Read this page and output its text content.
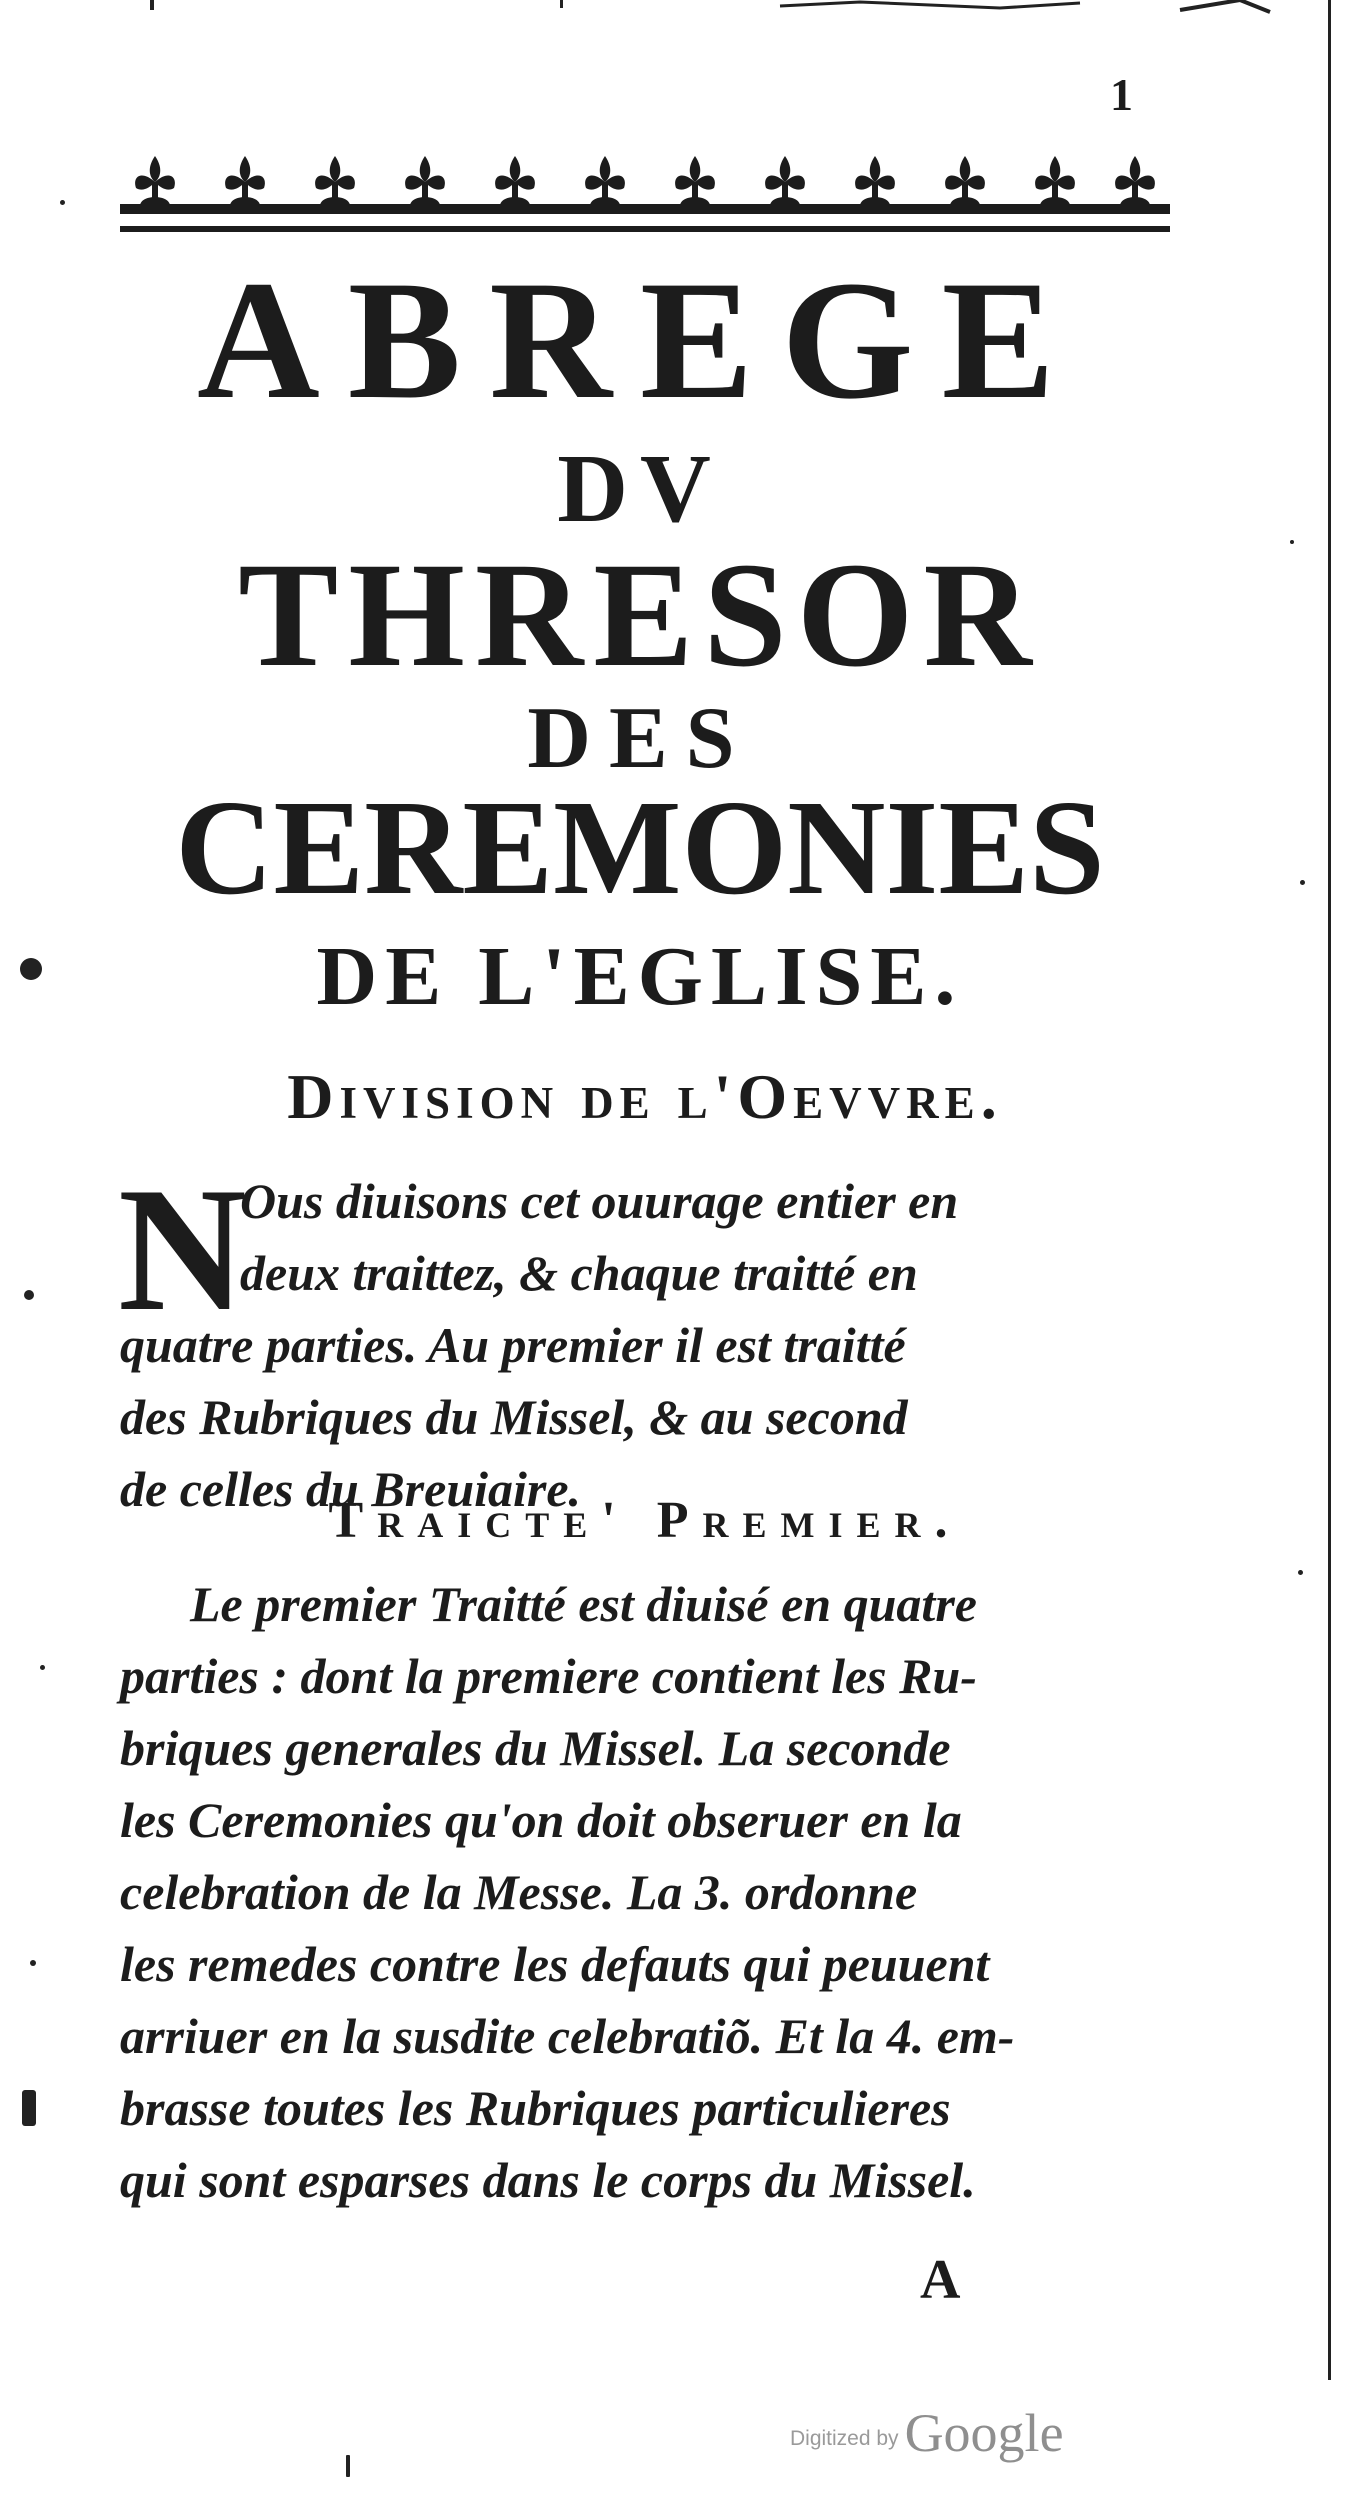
1
ABREGE
DV
THRESOR
DES
CEREMONIES
DE L'EGLISE.
Division de l'Oevvre.
N
Ous diuisons cet ouurage entier en
deux traittez, & chaque traitté en
quatre parties. Au premier il est traitté
des Rubriques du Missel, & au second
de celles du Breuiaire.
Traicte' Premier.
Le premier Traitté est diuisé en quatre
parties : dont la premiere contient les Ru-
briques generales du Missel. La seconde
les Ceremonies qu'on doit obseruer en la
celebration de la Messe. La 3. ordonne
les remedes contre les defauts qui peuuent
arriuer en la susdite celebratiõ. Et la 4. em-
brasse toutes les Rubriques particulieres
qui sont esparses dans le corps du Missel.
A
Digitized by Google
